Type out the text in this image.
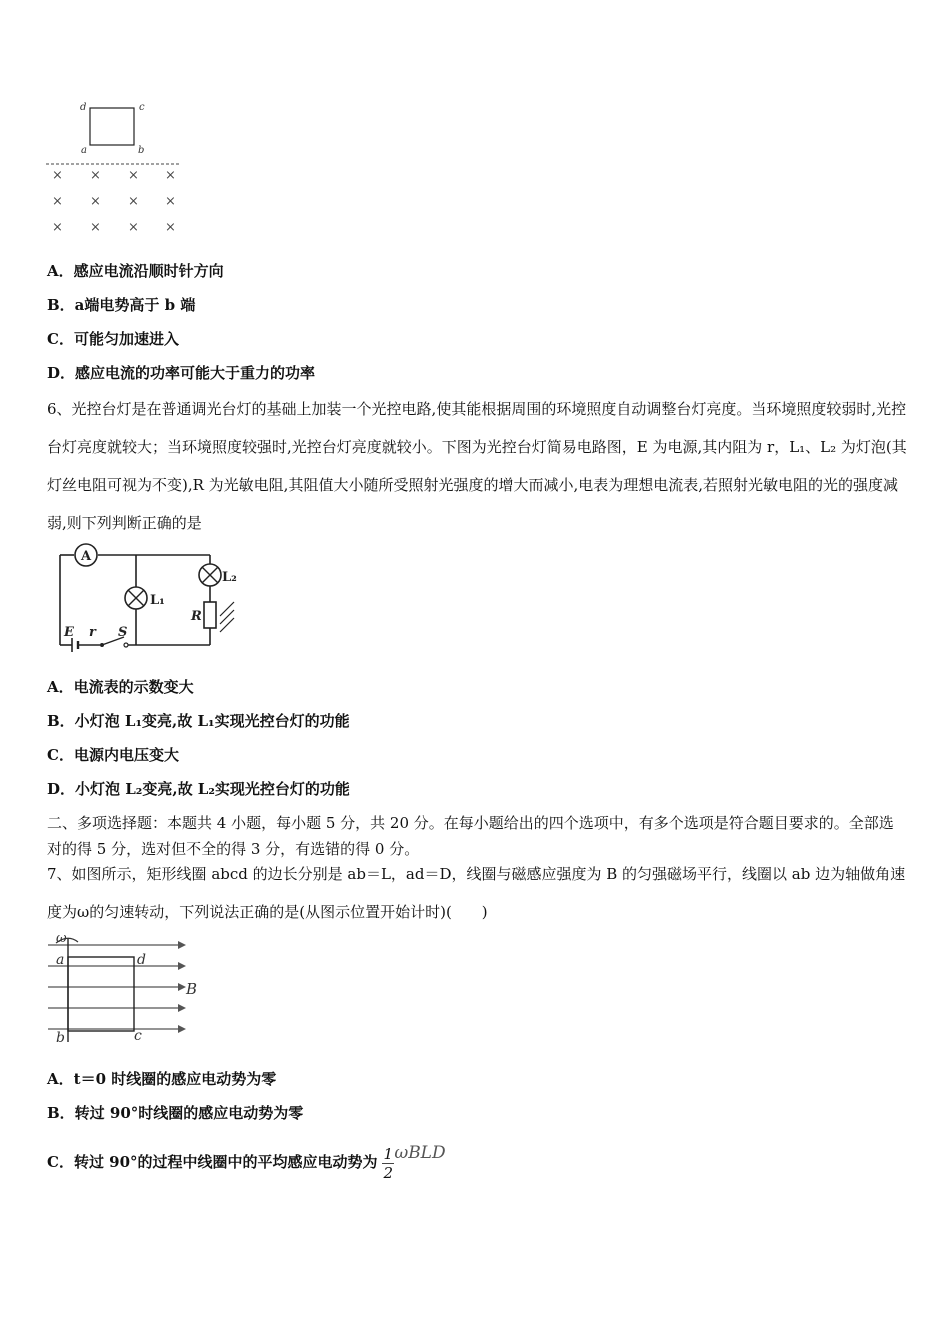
d	c
a	b
× × × ×
× × × ×
× × × ×
A．感应电流沿顺时针方向
B．a端电势高于 b 端
C．可能匀加速进入
D．感应电流的功率可能大于重力的功率
6、光控台灯是在普通调光台灯的基础上加装一个光控电路,使其能根据周围的环境照度自动调整台灯亮度。当环境照度较弱时,光控台灯亮度就较大；当环境照度较强时,光控台灯亮度就较小。下图为光控台灯简易电路图，E 为电源,其内阻为 r，L₁、L₂ 为灯泡(其灯丝电阻可视为不变),R 为光敏电阻,其阻值大小随所受照射光强度的增大而减小,电表为理想电流表,若照射光敏电阻的光的强度减弱,则下列判断正确的是
A
L₁
L₂
R
E r S
A．电流表的示数变大
B．小灯泡 L₁变亮,故 L₁实现光控台灯的功能
C．电源内电压变大
D．小灯泡 L₂变亮,故 L₂实现光控台灯的功能
二、多项选择题：本题共 4 小题，每小题 5 分，共 20 分。在每小题给出的四个选项中，有多个选项是符合题目要求的。全部选对的得 5 分，选对但不全的得 3 分，有选错的得 0 分。
7、如图所示，矩形线圈 abcd 的边长分别是 ab＝L，ad＝D，线圈与磁感应强度为 B 的匀强磁场平行，线圈以 ab 边为轴做角速度为ω的匀速转动，下列说法正确的是(从图示位置开始计时)(　　)
ω
a	d
b	c
B
A．t＝0 时线圈的感应电动势为零
B．转过 90°时线圈的感应电动势为零
C．转过 90°的过程中线圈中的平均感应电动势为 $\frac{1}{2}$ ωBLD
